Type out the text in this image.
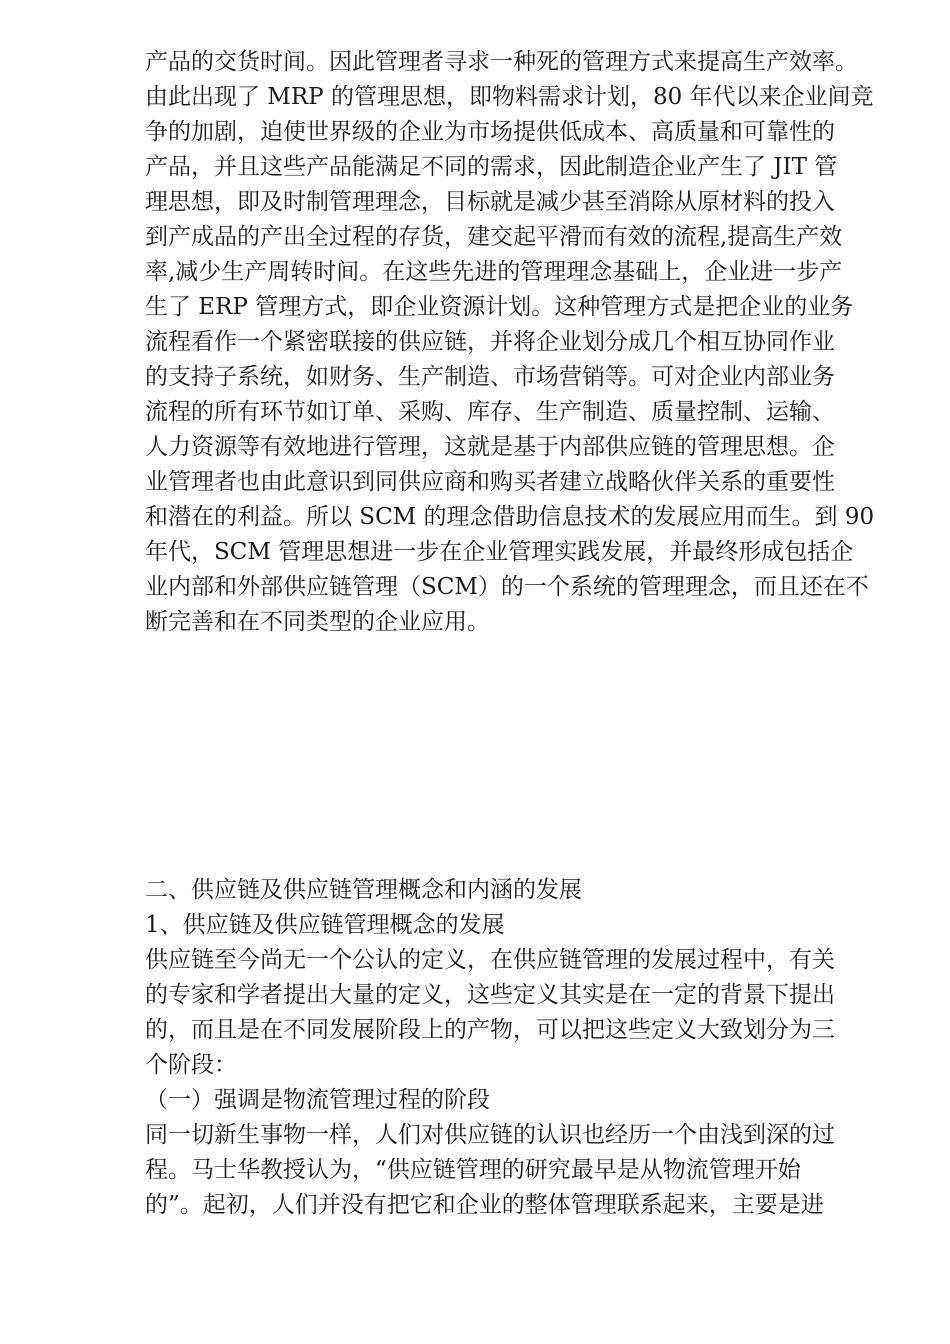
产品的交货时间。因此管理者寻求一种死的管理方式来提高生产效率。
由此出现了 MRP 的管理思想，即物料需求计划，80 年代以来企业间竞
争的加剧，迫使世界级的企业为市场提供低成本、高质量和可靠性的
产品，并且这些产品能满足不同的需求，因此制造企业产生了 JIT 管
理思想，即及时制管理理念，目标就是减少甚至消除从原材料的投入
到产成品的产出全过程的存货，建交起平滑而有效的流程,提高生产效
率,减少生产周转时间。在这些先进的管理理念基础上，企业进一步产
生了 ERP 管理方式，即企业资源计划。这种管理方式是把企业的业务
流程看作一个紧密联接的供应链，并将企业划分成几个相互协同作业
的支持子系统，如财务、生产制造、市场营销等。可对企业内部业务
流程的所有环节如订单、采购、库存、生产制造、质量控制、运输、
人力资源等有效地进行管理，这就是基于内部供应链的管理思想。企
业管理者也由此意识到同供应商和购买者建立战略伙伴关系的重要性
和潜在的利益。所以 SCM 的理念借助信息技术的发展应用而生。到 90
年代，SCM 管理思想进一步在企业管理实践发展，并最终形成包括企
业内部和外部供应链管理（SCM）的一个系统的管理理念，而且还在不
断完善和在不同类型的企业应用。
二、供应链及供应链管理概念和内涵的发展
1、供应链及供应链管理概念的发展
供应链至今尚无一个公认的定义，在供应链管理的发展过程中，有关
的专家和学者提出大量的定义，这些定义其实是在一定的背景下提出
的，而且是在不同发展阶段上的产物，可以把这些定义大致划分为三
个阶段：
（一）强调是物流管理过程的阶段
同一切新生事物一样，人们对供应链的认识也经历一个由浅到深的过
程。马士华教授认为，“供应链管理的研究最早是从物流管理开始
的”。起初，人们并没有把它和企业的整体管理联系起来，主要是进
